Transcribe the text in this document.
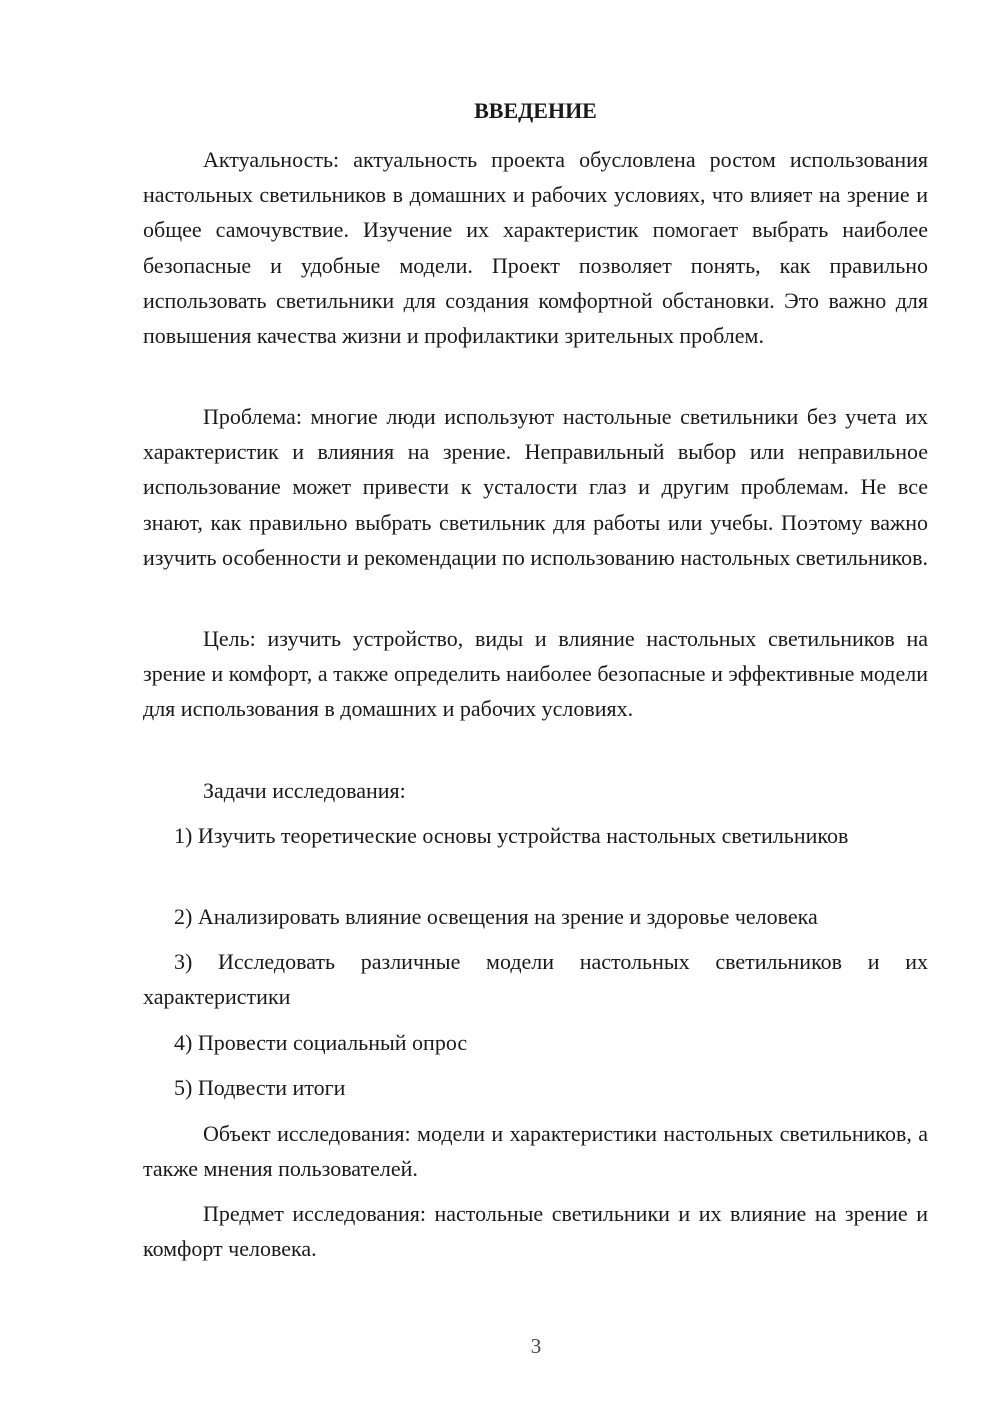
ВВЕДЕНИЕ

Актуальность: актуальность проекта обусловлена ростом использования настольных светильников в домашних и рабочих условиях, что влияет на зрение и общее самочувствие. Изучение их характеристик помогает выбрать наиболее безопасные и удобные модели. Проект позволяет понять, как правильно использовать светильники для создания комфортной обстановки. Это важно для повышения качества жизни и профилактики зрительных проблем.

Проблема: многие люди используют настольные светильники без учета их характеристик и влияния на зрение. Неправильный выбор или неправильное использование может привести к усталости глаз и другим проблемам. Не все знают, как правильно выбрать светильник для работы или учебы. Поэтому важно изучить особенности и рекомендации по использованию настольных светильников.

Цель: изучить устройство, виды и влияние настольных светильников на зрение и комфорт, а также определить наиболее безопасные и эффективные модели для использования в домашних и рабочих условиях.

Задачи исследования:

1) Изучить теоретические основы устройства настольных светильников

2) Анализировать влияние освещения на зрение и здоровье человека

3) Исследовать различные модели настольных светильников и их характеристики

4) Провести социальный опрос

5) Подвести итоги

Объект исследования: модели и характеристики настольных светильников, а также мнения пользователей.

Предмет исследования: настольные светильники и их влияние на зрение и комфорт человека.

3
